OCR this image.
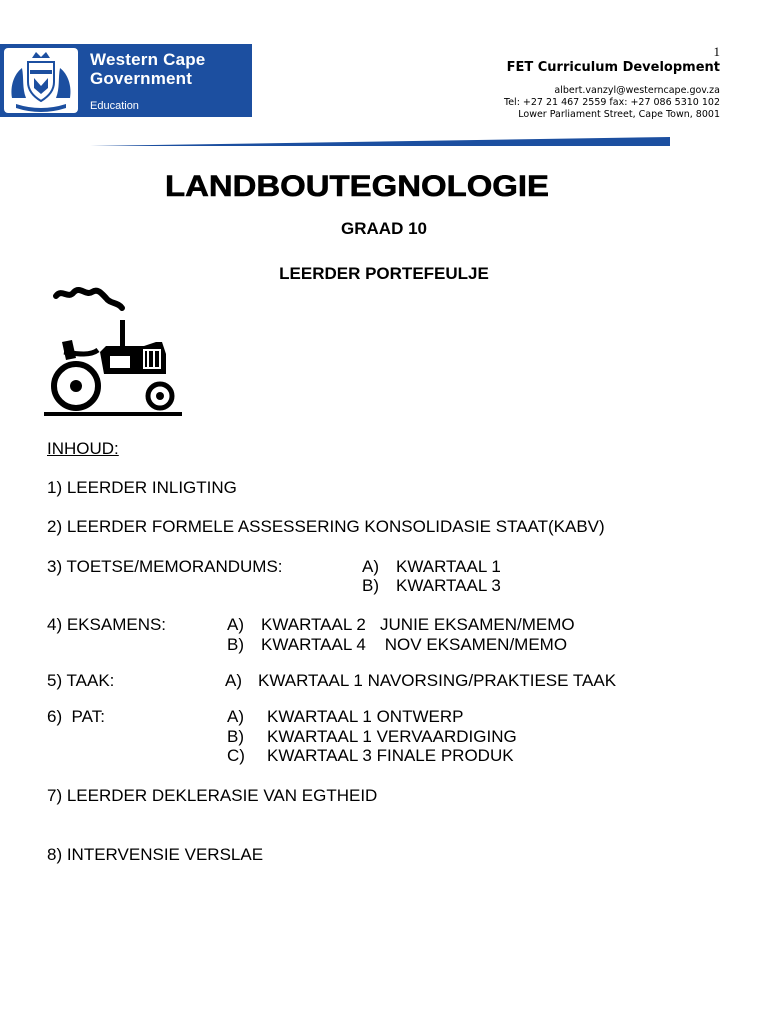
Western Cape
Government
Education
1
FET Curriculum Development
albert.vanzyl@westerncape.gov.za
Tel: +27 21 467 2559 fax: +27 086 5310 102
Lower Parliament Street, Cape Town, 8001
LANDBOUTEGNOLOGIE
GRAAD 10
LEERDER PORTEFEULJE
INHOUD:
1) LEERDER INLIGTING
2) LEERDER FORMELE ASSESSERING KONSOLIDASIE STAAT(KABV)
3) TOETSE/MEMORANDUMS:	A) KWARTAAL 1
B) KWARTAAL 3
4) EKSAMENS:	A) KWARTAAL 2   JUNIE EKSAMEN/MEMO
B) KWARTAAL 4    NOV EKSAMEN/MEMO
5) TAAK:	A) KWARTAAL 1 NAVORSING/PRAKTIESE TAAK
6)  PAT:	A) KWARTAAL 1 ONTWERP
B) KWARTAAL 1 VERVAARDIGING
C) KWARTAAL 3 FINALE PRODUK
7) LEERDER DEKLERASIE VAN EGTHEID
8) INTERVENSIE VERSLAE
